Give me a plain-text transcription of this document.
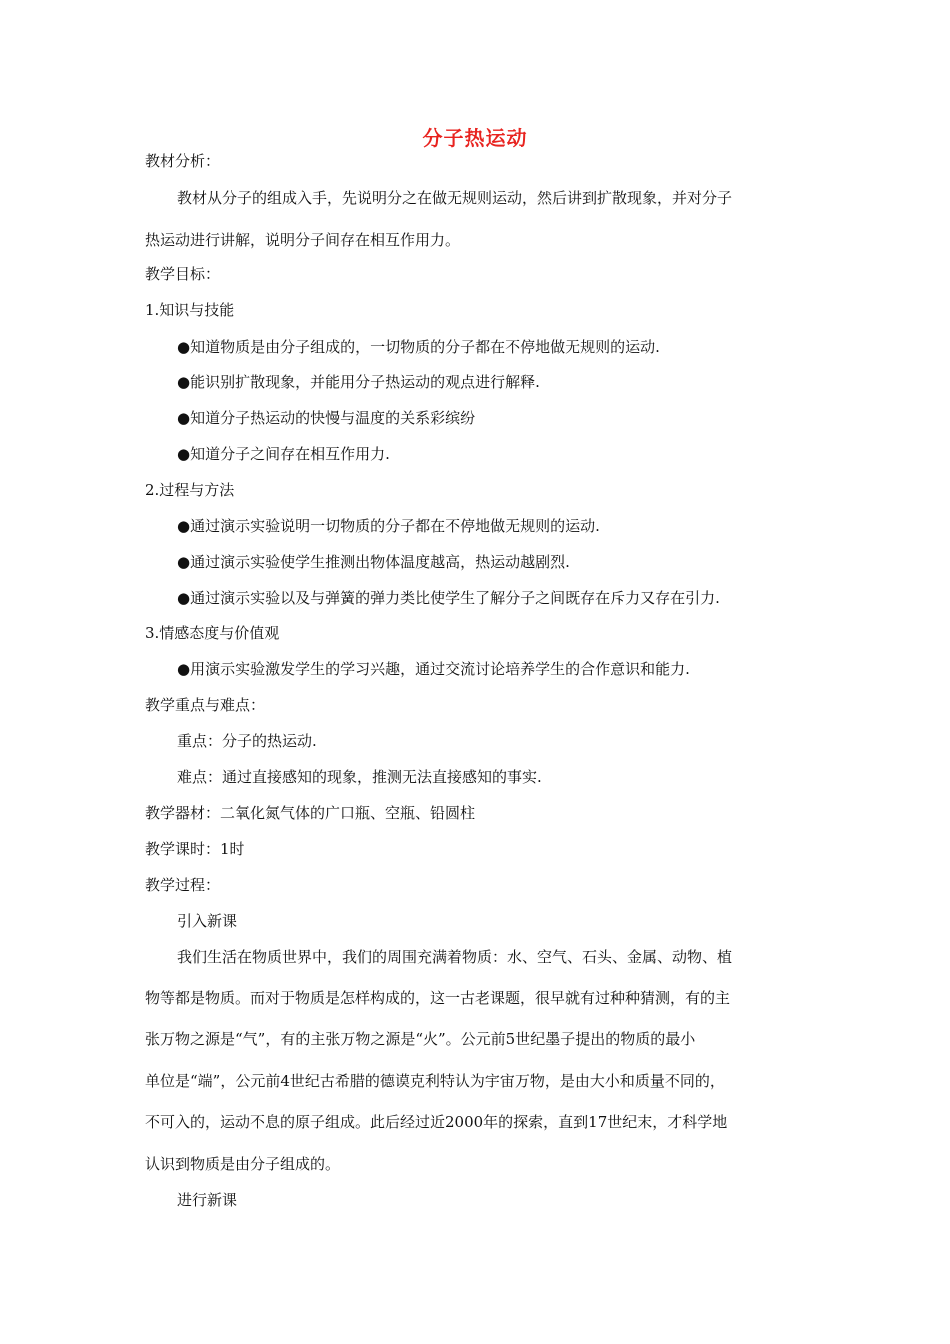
分子热运动
教材分析：
教材从分子的组成入手，先说明分之在做无规则运动，然后讲到扩散现象，并对分子
热运动进行讲解，说明分子间存在相互作用力。
教学目标：
1.知识与技能
●知道物质是由分子组成的，一切物质的分子都在不停地做无规则的运动.
●能识别扩散现象，并能用分子热运动的观点进行解释.
●知道分子热运动的快慢与温度的关系彩缤纷
●知道分子之间存在相互作用力.
2.过程与方法
●通过演示实验说明一切物质的分子都在不停地做无规则的运动.
●通过演示实验使学生推测出物体温度越高，热运动越剧烈.
●通过演示实验以及与弹簧的弹力类比使学生了解分子之间既存在斥力又存在引力.
3.情感态度与价值观
●用演示实验激发学生的学习兴趣，通过交流讨论培养学生的合作意识和能力.
教学重点与难点：
重点：分子的热运动.
难点：通过直接感知的现象，推测无法直接感知的事实.
教学器材：二氧化氮气体的广口瓶、空瓶、铅圆柱
教学课时：1时
教学过程：
引入新课
我们生活在物质世界中，我们的周围充满着物质：水、空气、石头、金属、动物、植
物等都是物质。而对于物质是怎样构成的，这一古老课题，很早就有过种种猜测，有的主
张万物之源是“气”，有的主张万物之源是“火”。公元前5世纪墨子提出的物质的最小
单位是“端”，公元前4世纪古希腊的德谟克利特认为宇宙万物，是由大小和质量不同的，
不可入的，运动不息的原子组成。此后经过近2000年的探索，直到17世纪末，才科学地
认识到物质是由分子组成的。
进行新课
